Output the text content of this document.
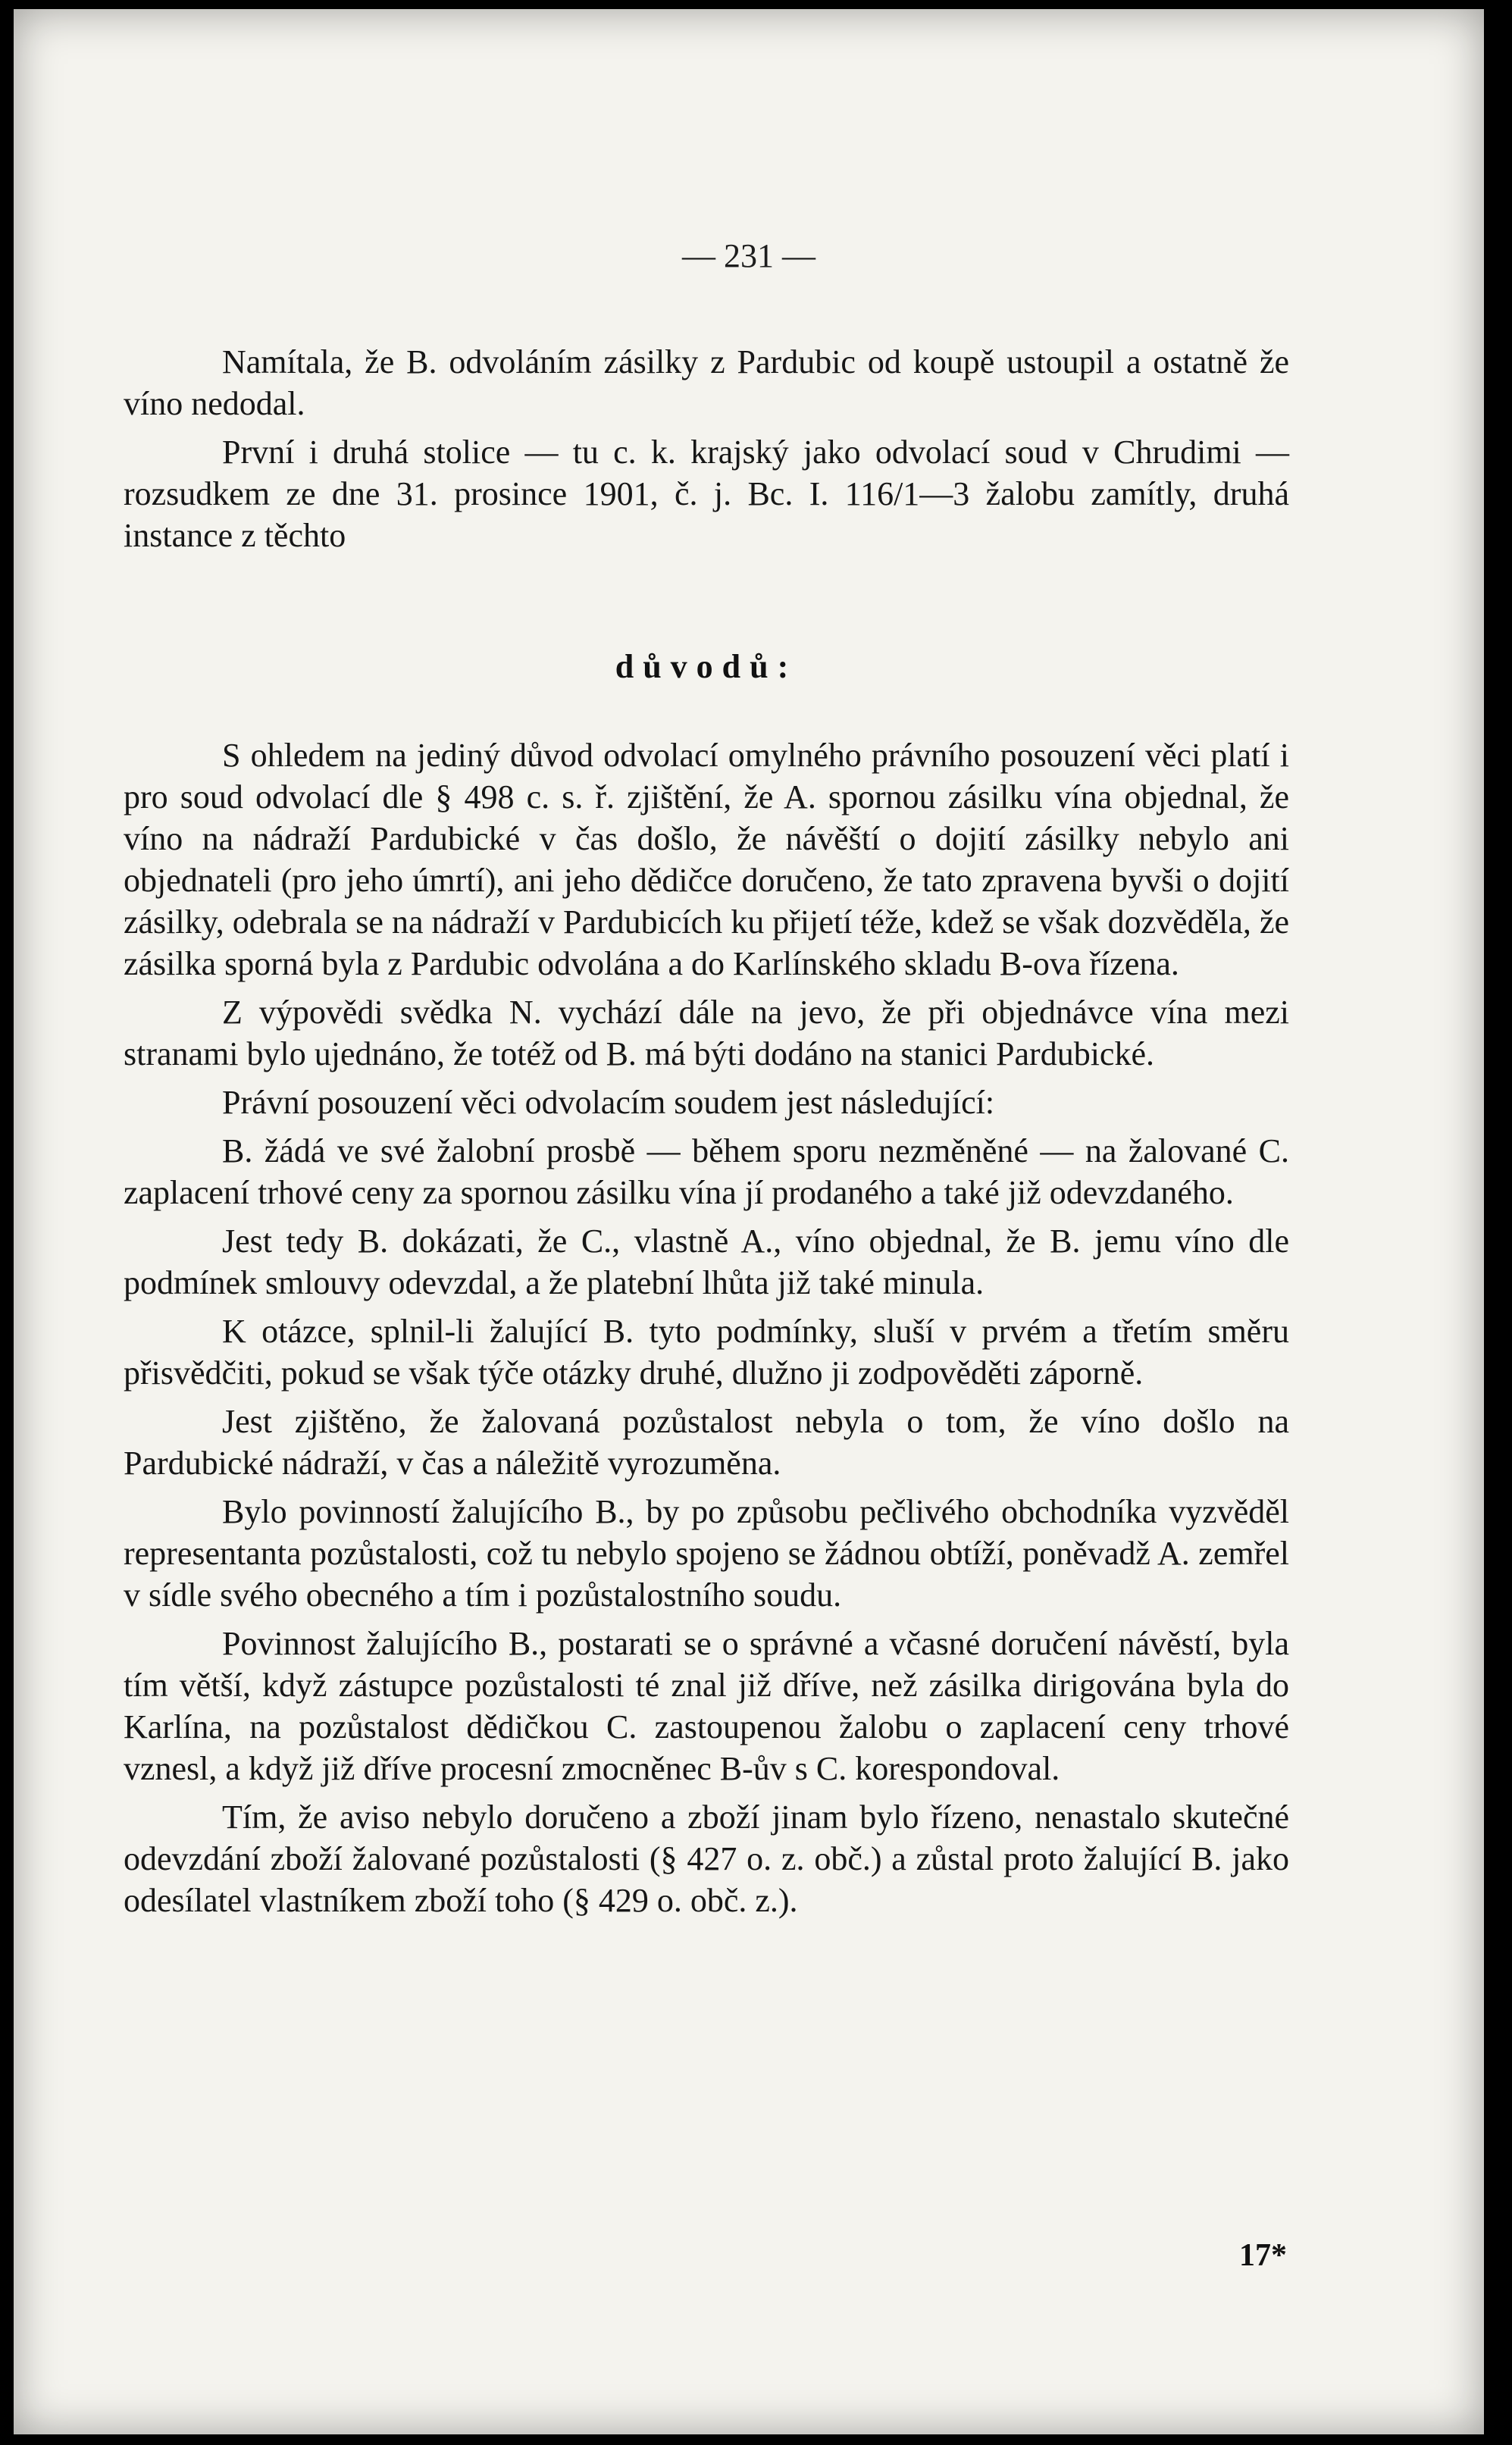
— 231 —

Namítala, že B. odvoláním zásilky z Pardubic od koupě ustoupil a ostatně že víno nedodal.

První i druhá stolice — tu c. k. krajský jako odvolací soud v Chrudimi — rozsudkem ze dne 31. prosince 1901, č. j. Bc. I. 116/1—3 žalobu zamítly, druhá instance z těchto

důvodů:

S ohledem na jediný důvod odvolací omylného právního posouzení věci platí i pro soud odvolací dle § 498 c. s. ř. zjištění, že A. spornou zásilku vína objednal, že víno na nádraží Pardubické v čas došlo, že návěští o dojití zásilky nebylo ani objednateli (pro jeho úmrtí), ani jeho dědičce doručeno, že tato zpravena byvši o dojití zásilky, odebrala se na nádraží v Pardubicích ku přijetí téže, kdež se však dozvěděla, že zásilka sporná byla z Pardubic odvolána a do Karlínského skladu B-ova řízena.

Z výpovědi svědka N. vychází dále na jevo, že při objednávce vína mezi stranami bylo ujednáno, že totéž od B. má býti dodáno na stanici Pardubické.

Právní posouzení věci odvolacím soudem jest následující:

B. žádá ve své žalobní prosbě — během sporu nezměněné — na žalované C. zaplacení trhové ceny za spornou zásilku vína jí prodaného a také již odevzdaného.

Jest tedy B. dokázati, že C., vlastně A., víno objednal, že B. jemu víno dle podmínek smlouvy odevzdal, a že platební lhůta již také minula.

K otázce, splnil-li žalující B. tyto podmínky, sluší v prvém a třetím směru přisvědčiti, pokud se však týče otázky druhé, dlužno ji zodpověděti záporně.

Jest zjištěno, že žalovaná pozůstalost nebyla o tom, že víno došlo na Pardubické nádraží, v čas a náležitě vyrozuměna.

Bylo povinností žalujícího B., by po způsobu pečlivého obchodníka vyzvěděl representanta pozůstalosti, což tu nebylo spojeno se žádnou obtíží, poněvadž A. zemřel v sídle svého obecného a tím i pozůstalostního soudu.

Povinnost žalujícího B., postarati se o správné a včasné doručení návěstí, byla tím větší, když zástupce pozůstalosti té znal již dříve, než zásilka dirigována byla do Karlína, na pozůstalost dědičkou C. zastoupenou žalobu o zaplacení ceny trhové vznesl, a když již dříve procesní zmocněnec B-ův s C. korespondoval.

Tím, že aviso nebylo doručeno a zboží jinam bylo řízeno, nenastalo skutečné odevzdání zboží žalované pozůstalosti (§ 427 o. z. obč.) a zůstal proto žalující B. jako odesílatel vlastníkem zboží toho (§ 429 o. obč. z.).

17*
